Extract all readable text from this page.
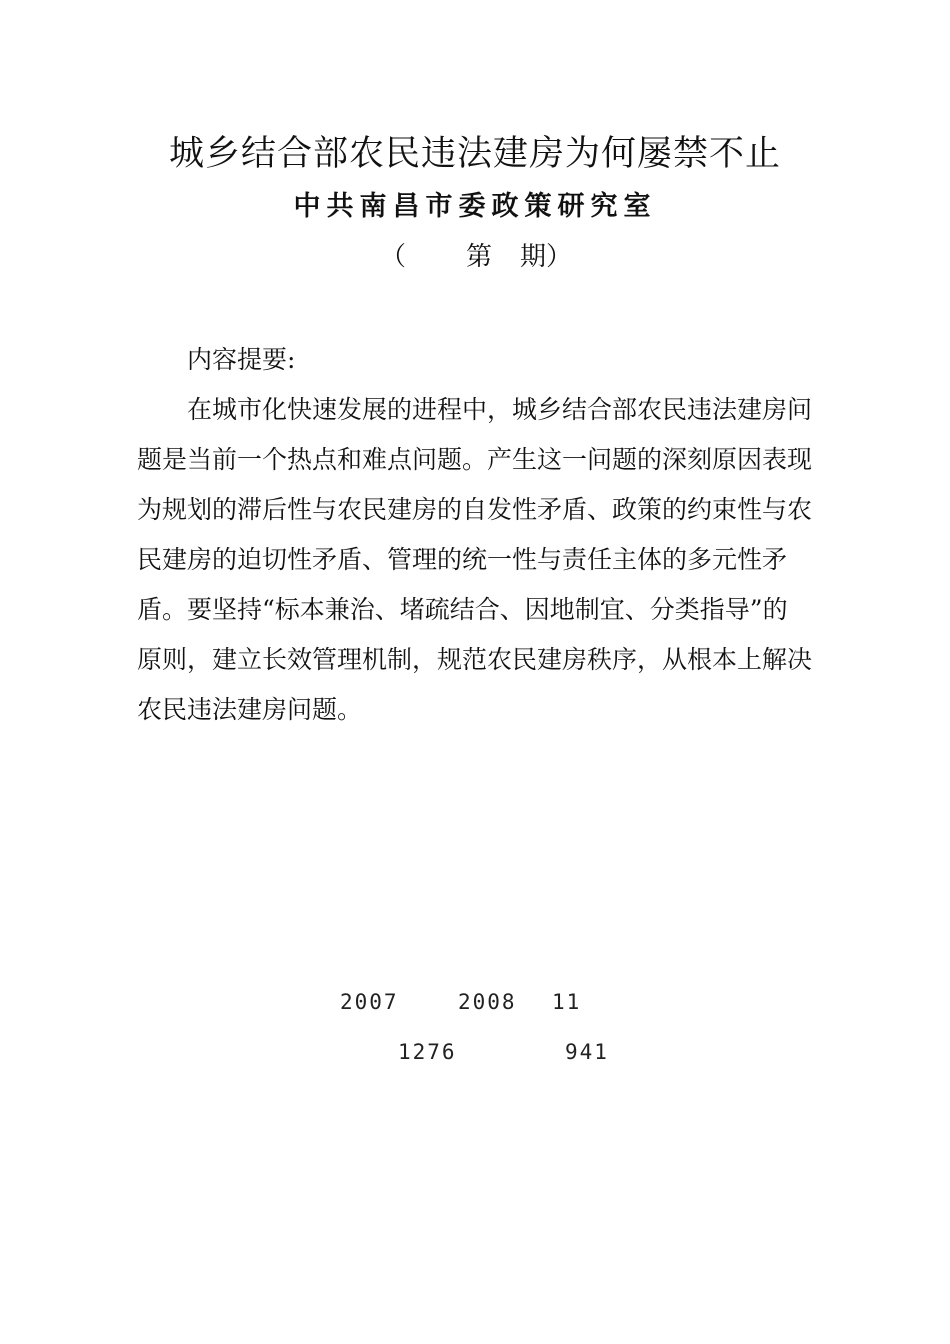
城乡结合部农民违法建房为何屡禁不止
中共南昌市委政策研究室
（ 第 期）
内容提要:
在城市化快速发展的进程中，城乡结合部农民违法建房问
题是当前一个热点和难点问题。产生这一问题的深刻原因表现
为规划的滞后性与农民建房的自发性矛盾、政策的约束性与农
民建房的迫切性矛盾、管理的统一性与责任主体的多元性矛
盾。要坚持“标本兼治、堵疏结合、因地制宜、分类指导”的
原则，建立长效管理机制，规范农民建房秩序，从根本上解决
农民违法建房问题。
2007	2008 11
1276	941
